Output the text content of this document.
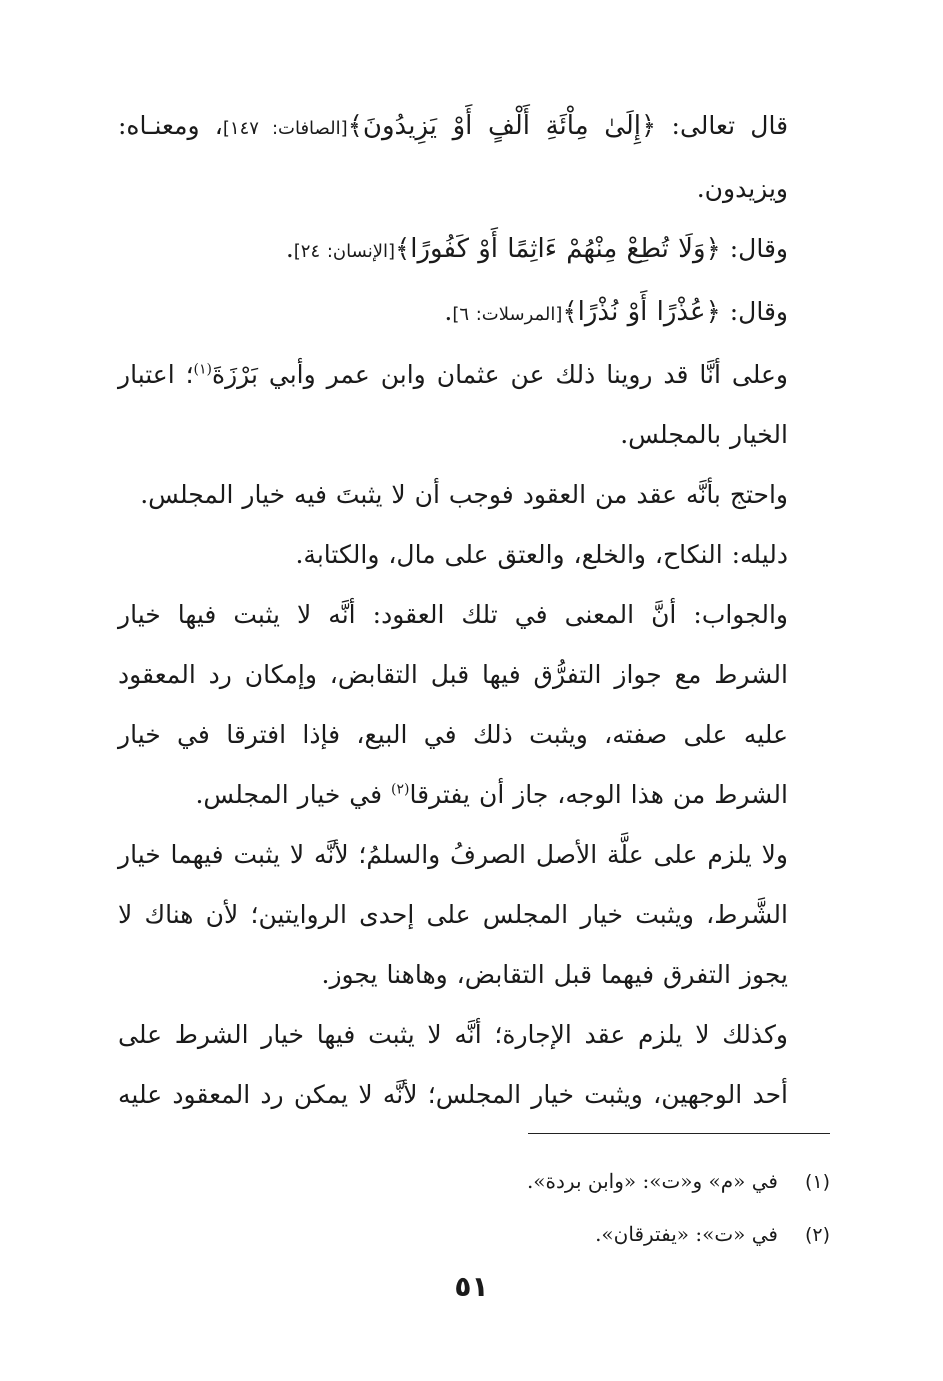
قال تعالى: ﴿إِلَىٰ مِاْئَةِ أَلْفٍ أَوْ يَزِيدُونَ﴾[الصافات: ١٤٧]، ومعنـاه: ويزيدون.

وقال: ﴿وَلَا تُطِعْ مِنْهُمْ ءَاثِمًا أَوْ كَفُورًا﴾[الإنسان: ٢٤].

وقال: ﴿عُذْرًا أَوْ نُذْرًا﴾[المرسلات: ٦].

وعلى أنَّا قد روينا ذلك عن عثمان وابن عمر وأبي بَرْزَةَ$^{(١)}$؛ اعتبار الخيار بالمجلس.

واحتج بأنَّه عقد من العقود فوجب أن لا يثبتَ فيه خيار المجلس.

دليله: النكاح، والخلع، والعتق على مال، والكتابة.

والجواب: أنَّ المعنى في تلك العقود: أنَّه لا يثبت فيها خيار الشرط مع جواز التفرُّق فيها قبل التقابض، وإمكان رد المعقود عليه على صفته، ويثبت ذلك في البيع، فإذا افترقا في خيار الشرط من هذا الوجه، جاز أن يفترقا$^{(٢)}$ في خيار المجلس.

ولا يلزم على علَّة الأصل الصرفُ والسلمُ؛ لأنَّه لا يثبت فيهما خيار الشَّرط، ويثبت خيار المجلس على إحدى الروايتين؛ لأن هناك لا يجوز التفرق فيهما قبل التقابض، وهاهنا يجوز.

وكذلك لا يلزم عقد الإجارة؛ أنَّه لا يثبت فيها خيار الشرط على أحد الوجهين، ويثبت خيار المجلس؛ لأنَّه لا يمكن رد المعقود عليه

(١)
في «م» و«ت»: «وابن بردة».

(٢)
في «ت»: «يفترقان».

٥١
